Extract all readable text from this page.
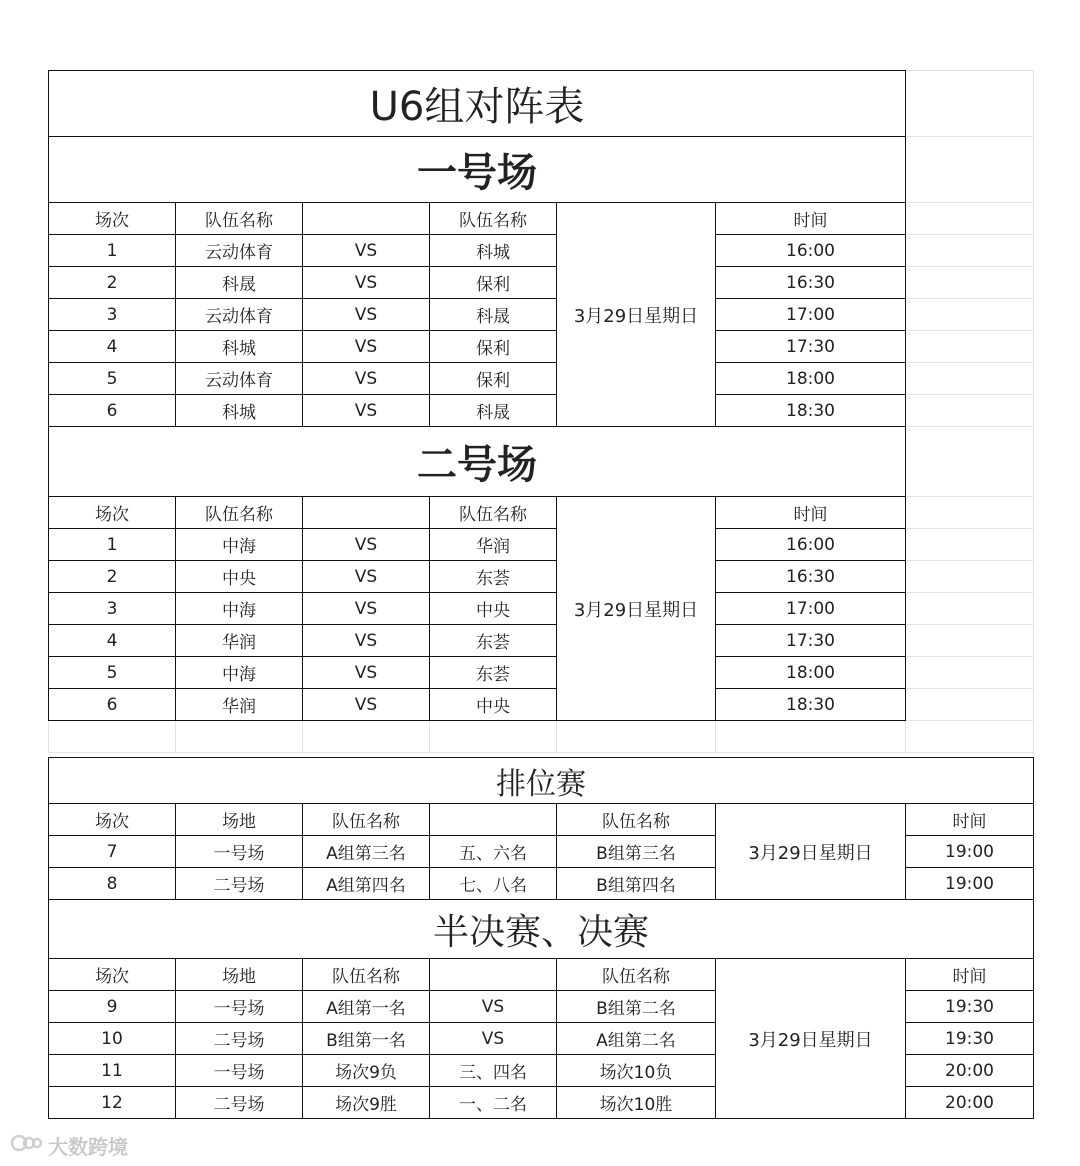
U6组对阵表						
一号场						
场次	队伍名称		队伍名称	3月29日星期日	时间	
1	云动体育	VS	科城		16:00	
2	科晟	VS	保利		16:30	
3	云动体育	VS	科晟		17:00	
4	科城	VS	保利		17:30	
5	云动体育	VS	保利		18:00	
6	科城	VS	科晟		18:30	
二号场						
场次	队伍名称		队伍名称	3月29日星期日	时间	
1	中海	VS	华润		16:00	
2	中央	VS	东荟		16:30	
3	中海	VS	中央		17:00	
4	华润	VS	东荟		17:30	
5	中海	VS	东荟		18:00	
6	华润	VS	中央		18:30	

排位赛						
场次	场地	队伍名称		队伍名称	3月29日星期日	时间
7	一号场	A组第三名	五、六名	B组第三名		19:00
8	二号场	A组第四名	七、八名	B组第四名		19:00
半决赛、决赛						
场次	场地	队伍名称		队伍名称	3月29日星期日	时间
9	一号场	A组第一名	VS	B组第二名		19:30
10	二号场	B组第一名	VS	A组第二名		19:30
11	一号场	场次9负	三、四名	场次10负		20:00
12	二号场	场次9胜	一、二名	场次10胜		20:00
大数跨境
